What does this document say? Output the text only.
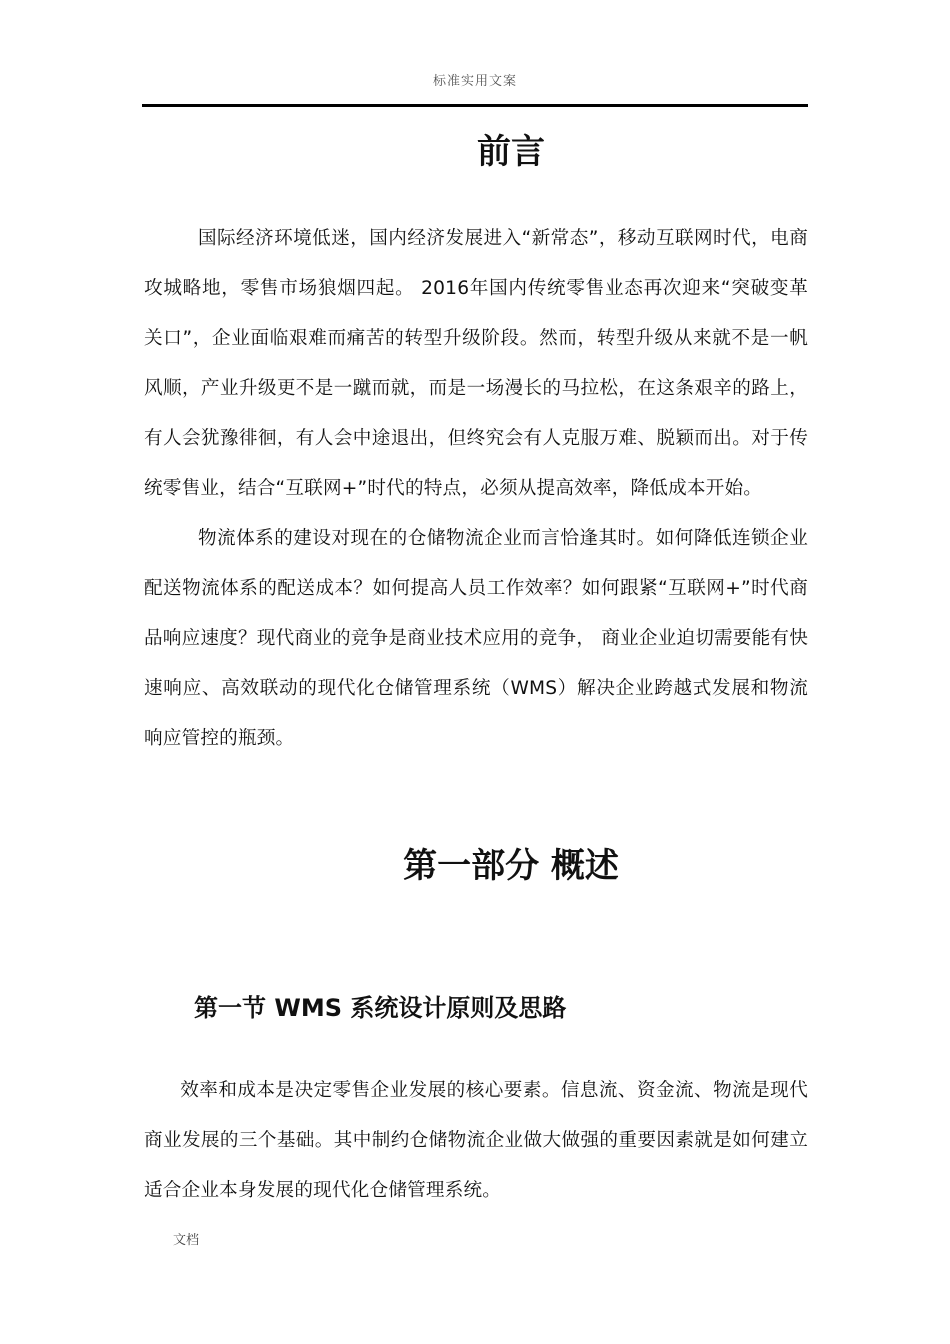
标准实用文案
前言

国际经济环境低迷，国内经济发展进入“新常态”，移动互联网时代，电商攻城略地，零售市场狼烟四起。 2016年国内传统零售业态再次迎来“突破变革关口”，企业面临艰难而痛苦的转型升级阶段。然而，转型升级从来就不是一帆风顺，产业升级更不是一蹴而就，而是一场漫长的马拉松，在这条艰辛的路上，有人会犹豫徘徊，有人会中途退出，但终究会有人克服万难、脱颖而出。对于传统零售业，结合“互联网+”时代的特点，必须从提高效率，降低成本开始。

物流体系的建设对现在的仓储物流企业而言恰逢其时。如何降低连锁企业配送物流体系的配送成本？如何提高人员工作效率？如何跟紧“互联网+”时代商品响应速度？现代商业的竞争是商业技术应用的竞争， 商业企业迫切需要能有快速响应、高效联动的现代化仓储管理系统（WMS）解决企业跨越式发展和物流响应管控的瓶颈。

第一部分 概述
第一节 WMS 系统设计原则及思路

效率和成本是决定零售企业发展的核心要素。信息流、资金流、物流是现代商业发展的三个基础。其中制约仓储物流企业做大做强的重要因素就是如何建立适合企业本身发展的现代化仓储管理系统。

文档
